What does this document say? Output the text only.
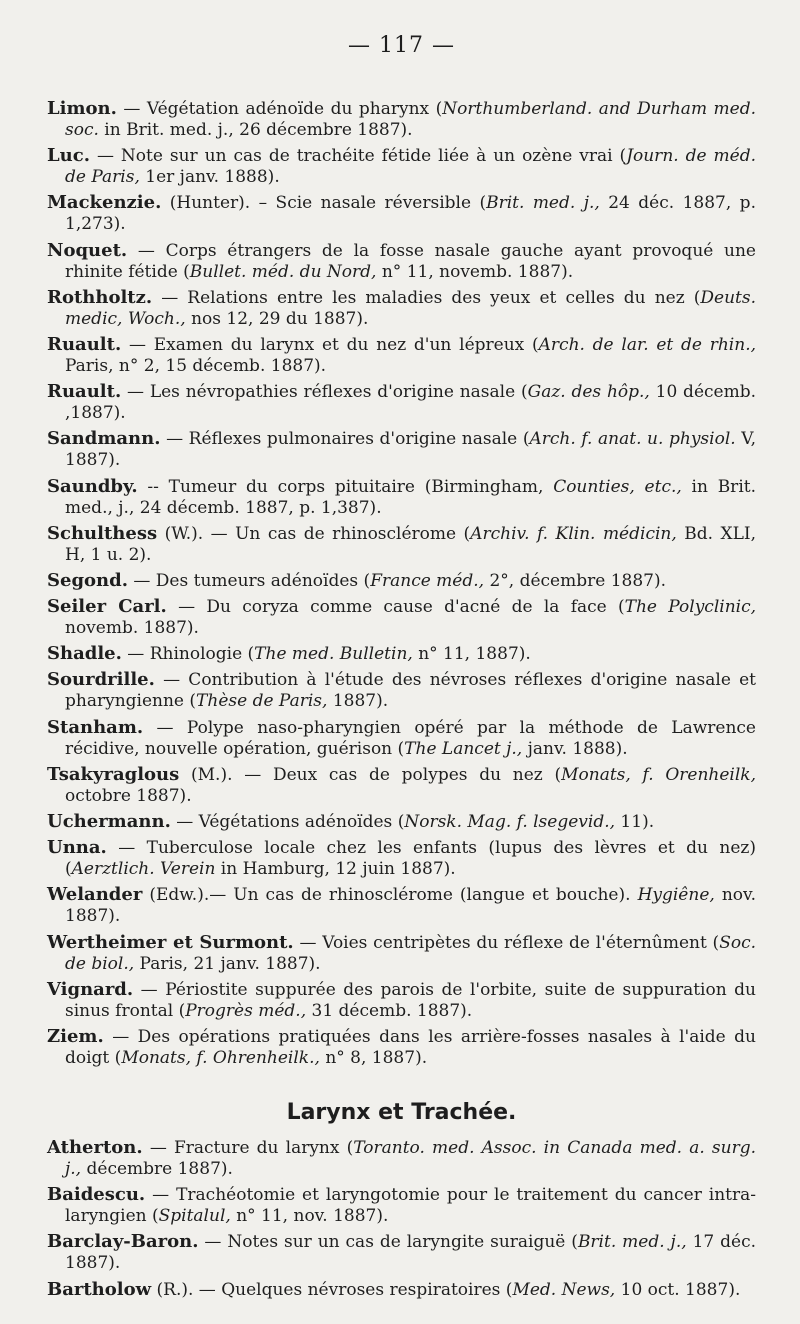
— 117 —
Limon. — Végétation adénoïde du pharynx (Northumberland. and Durham med. soc. in Brit. med. j., 26 décembre 1887).
Luc. — Note sur un cas de trachéite fétide liée à un ozène vrai (Journ. de méd. de Paris, 1er janv. 1888).
Mackenzie. (Hunter). – Scie nasale réversible (Brit. med. j., 24 déc. 1887, p. 1,273).
Noquet. — Corps étrangers de la fosse nasale gauche ayant provoqué une rhinite fétide (Bullet. méd. du Nord, n° 11, novemb. 1887).
Rothholtz. — Relations entre les maladies des yeux et celles du nez (Deuts. medic, Woch., nos 12, 29 du 1887).
Ruault. — Examen du larynx et du nez d'un lépreux (Arch. de lar. et de rhin., Paris, n° 2, 15 décemb. 1887).
Ruault. — Les névropathies réflexes d'origine nasale (Gaz. des hôp., 10 décemb. ,1887).
Sandmann. — Réflexes pulmonaires d'origine nasale (Arch. f. anat. u. physiol. V, 1887).
Saundby. -- Tumeur du corps pituitaire (Birmingham, Counties, etc., in Brit. med., j., 24 décemb. 1887, p. 1,387).
Schulthess (W.). — Un cas de rhinosclérome (Archiv. f. Klin. médicin, Bd. XLI, H, 1 u. 2).
Segond. — Des tumeurs adénoïdes (France méd., 2°, décembre 1887).
Seiler Carl. — Du coryza comme cause d'acné de la face (The Polyclinic, novemb. 1887).
Shadle. — Rhinologie (The med. Bulletin, n° 11, 1887).
Sourdrille. — Contribution à l'étude des névroses réflexes d'origine nasale et pharyngienne (Thèse de Paris, 1887).
Stanham. — Polype naso-pharyngien opéré par la méthode de Lawrence récidive, nouvelle opération, guérison (The Lancet j., janv. 1888).
Tsakyraglous (M.). — Deux cas de polypes du nez (Monats, f. Orenheilk, octobre 1887).
Uchermann. — Végétations adénoïdes (Norsk. Mag. f. lsegevid., 11).
Unna. — Tuberculose locale chez les enfants (lupus des lèvres et du nez) (Aerztlich. Verein in Hamburg, 12 juin 1887).
Welander (Edw.).— Un cas de rhinosclérome (langue et bouche). Hygiêne, nov. 1887).
Wertheimer et Surmont. — Voies centripètes du réflexe de l'éternûment (Soc. de biol., Paris, 21 janv. 1887).
Vignard. — Périostite suppurée des parois de l'orbite, suite de suppuration du sinus frontal (Progrès méd., 31 décemb. 1887).
Ziem. — Des opérations pratiquées dans les arrière-fosses nasales à l'aide du doigt (Monats, f. Ohrenheilk., n° 8, 1887).
Larynx et Trachée.
Atherton. — Fracture du larynx (Toranto. med. Assoc. in Canada med. a. surg. j., décembre 1887).
Baidescu. — Trachéotomie et laryngotomie pour le traitement du cancer intra-laryngien (Spitalul, n° 11, nov. 1887).
Barclay-Baron. — Notes sur un cas de laryngite suraiguë (Brit. med. j., 17 déc. 1887).
Bartholow (R.). — Quelques névroses respiratoires (Med. News, 10 oct. 1887).
